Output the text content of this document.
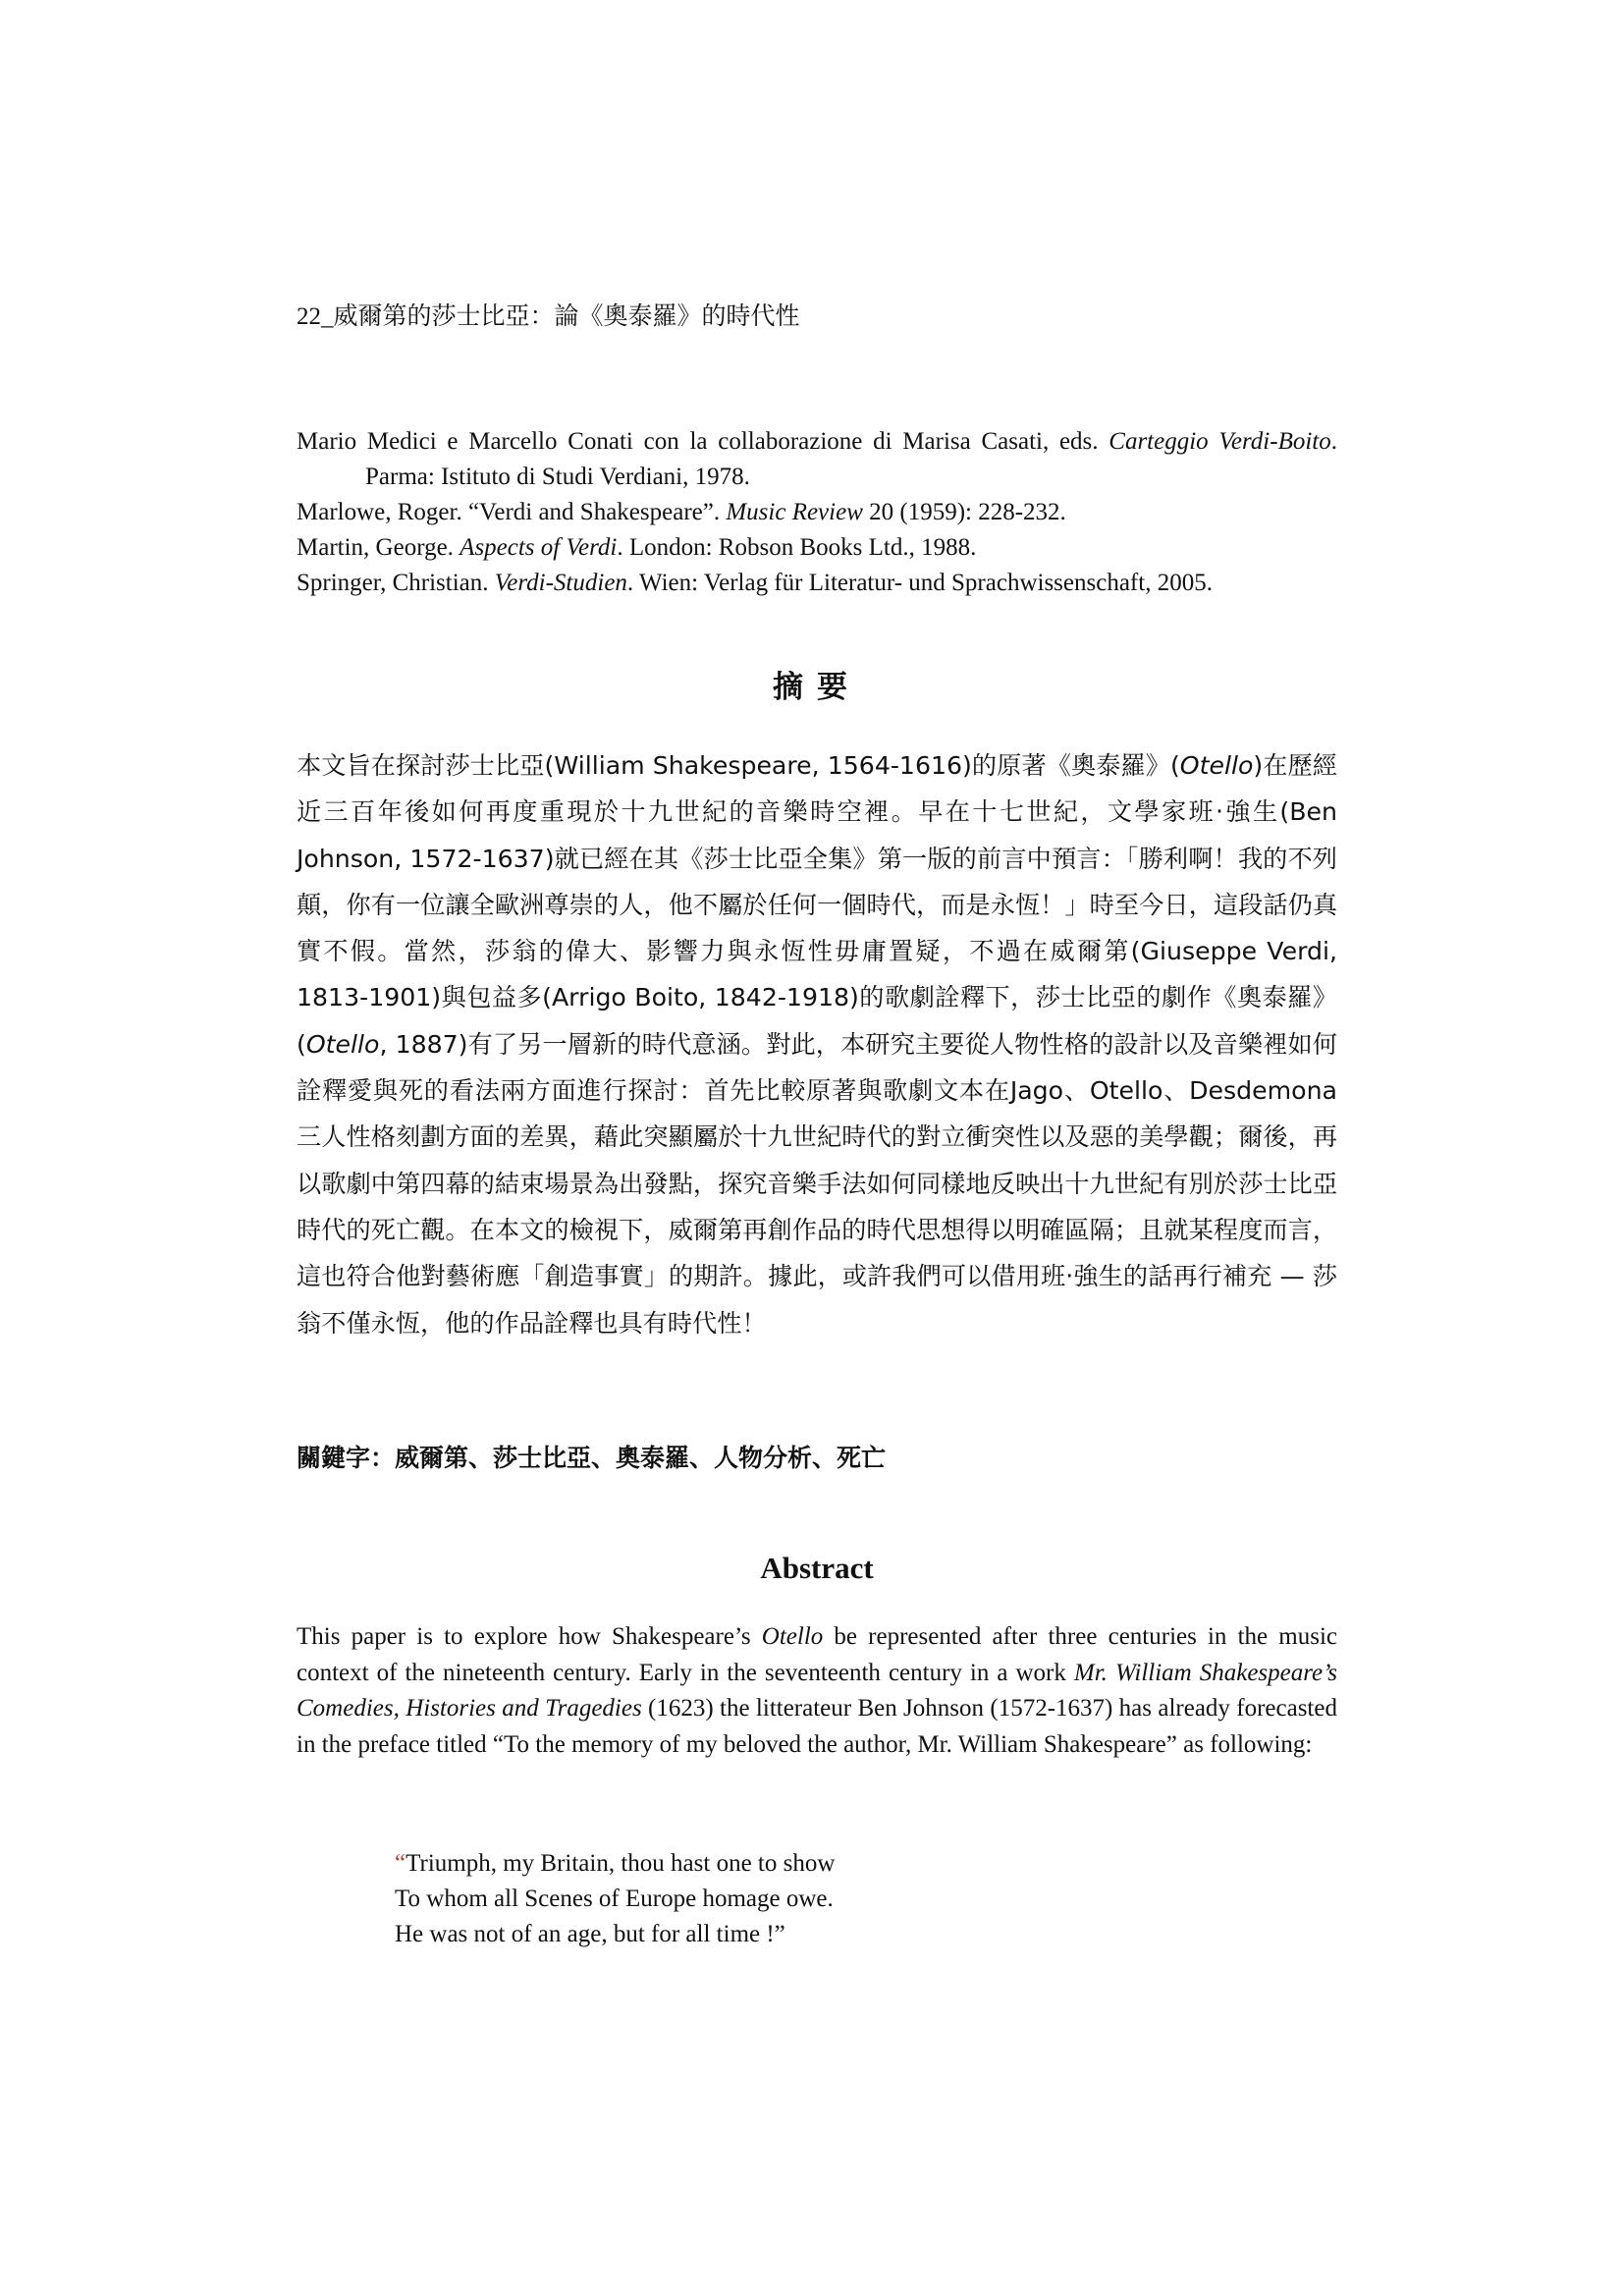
22_威爾第的莎士比亞：論《奧泰羅》的時代性

Mario Medici e Marcello Conati con la collaborazione di Marisa Casati, eds. Carteggio Verdi-Boito. Parma: Istituto di Studi Verdiani, 1978.

Marlowe, Roger. “Verdi and Shakespeare”. Music Review 20 (1959): 228-232.

Martin, George. Aspects of Verdi. London: Robson Books Ltd., 1988.

Springer, Christian. Verdi-Studien. Wien: Verlag für Literatur- und Sprachwissenschaft, 2005.

摘要

本文旨在探討莎士比亞(William Shakespeare, 1564-1616)的原著《奧泰羅》(Otello)在歷經近三百年後如何再度重現於十九世紀的音樂時空裡。早在十七世紀，文學家班‧強生(Ben Johnson, 1572-1637)就已經在其《莎士比亞全集》第一版的前言中預言：「勝利啊！我的不列顛，你有一位讓全歐洲尊崇的人，他不屬於任何一個時代，而是永恆！」時至今日，這段話仍真實不假。當然，莎翁的偉大、影響力與永恆性毋庸置疑，不過在威爾第(Giuseppe Verdi, 1813-1901)與包益多(Arrigo Boito, 1842-1918)的歌劇詮釋下，莎士比亞的劇作《奧泰羅》(Otello, 1887)有了另一層新的時代意涵。對此，本研究主要從人物性格的設計以及音樂裡如何詮釋愛與死的看法兩方面進行探討：首先比較原著與歌劇文本在Jago、Otello、Desdemona三人性格刻劃方面的差異，藉此突顯屬於十九世紀時代的對立衝突性以及惡的美學觀；爾後，再以歌劇中第四幕的結束場景為出發點，探究音樂手法如何同樣地反映出十九世紀有別於莎士比亞時代的死亡觀。在本文的檢視下，威爾第再創作品的時代思想得以明確區隔；且就某程度而言，這也符合他對藝術應「創造事實」的期許。據此，或許我們可以借用班‧強生的話再行補充 — 莎翁不僅永恆，他的作品詮釋也具有時代性！

關鍵字：威爾第、莎士比亞、奧泰羅、人物分析、死亡
Abstract

This paper is to explore how Shakespeare’s Otello be represented after three centuries in the music context of the nineteenth century. Early in the seventeenth century in a work Mr. William Shakespeare’s Comedies, Histories and Tragedies (1623) the litterateur Ben Johnson (1572-1637) has already forecasted in the preface titled “To the memory of my beloved the author, Mr. William Shakespeare” as following:

“Triumph, my Britain, thou hast one to show

To whom all Scenes of Europe homage owe.

He was not of an age, but for all time !”
